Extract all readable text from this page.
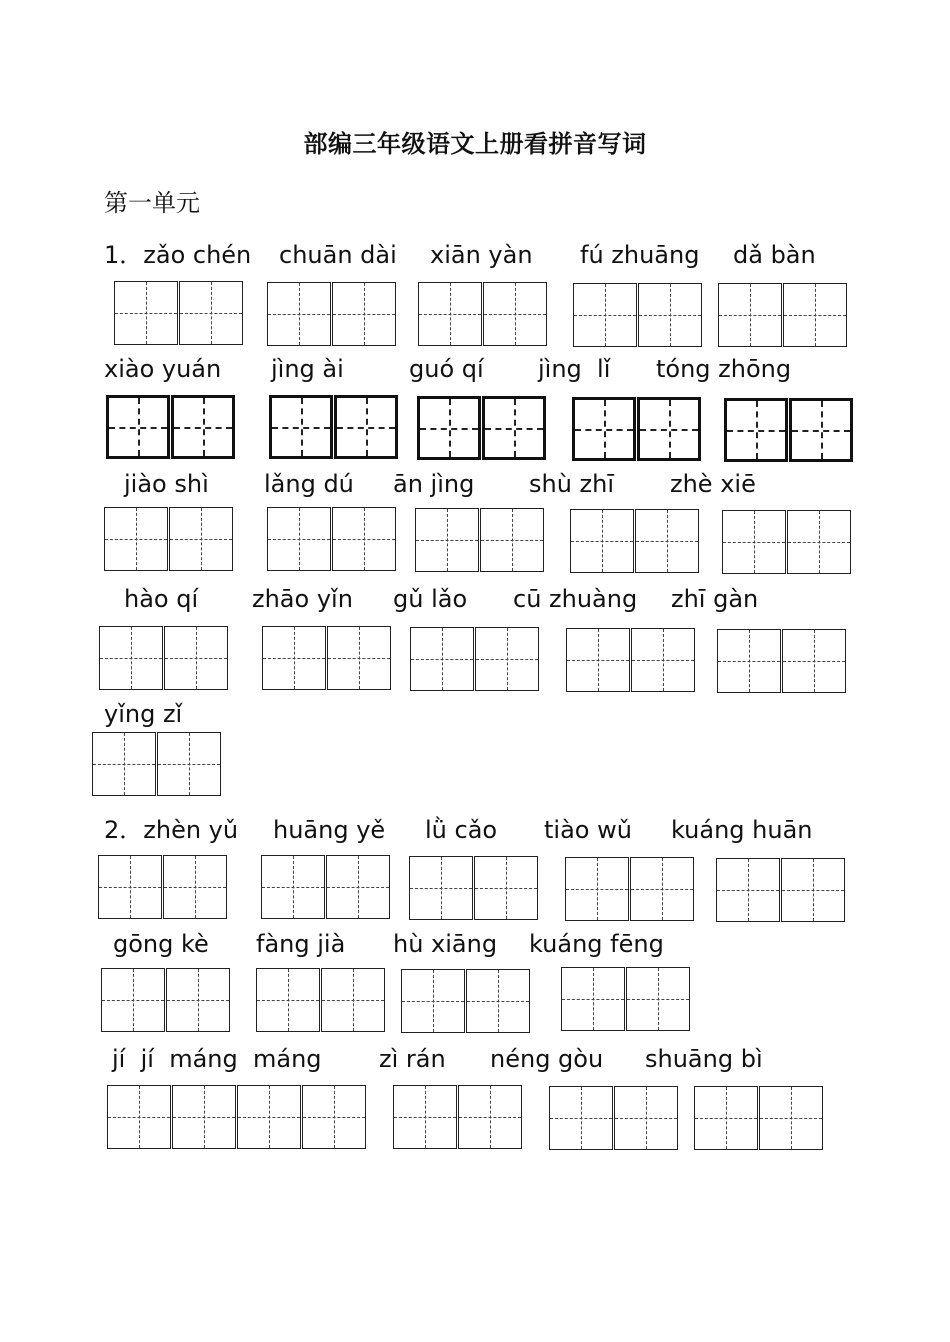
部编三年级语文上册看拼音写词
第一单元
1．zǎo chén chuān dài xiān yàn fú zhuāng dǎ bàn
xiào yuán jìng ài	guó qí jìng  lǐ tóng zhōng
jiào shì lǎng dú ān jìng shù zhī zhè xiē
hào qí zhāo yǐn gǔ lǎo cū zhuàng zhī gàn
yǐng zǐ
2．zhèn yǔ huāng yě lǜ cǎo tiào wǔ kuáng huān
gōng kè fàng jià hù xiāng kuáng fēng
jí  jí  máng  máng zì rán néng gòu shuāng bì
